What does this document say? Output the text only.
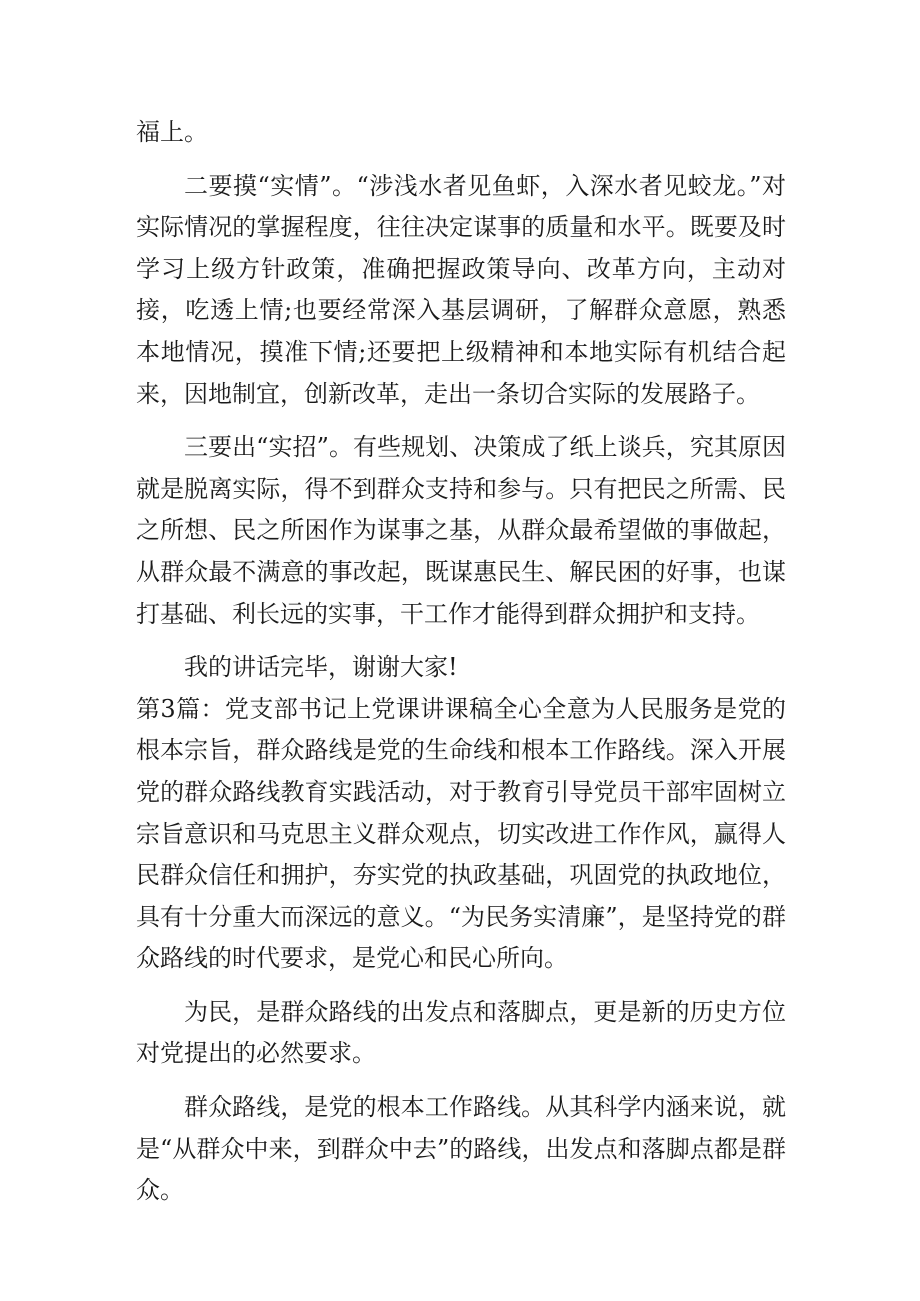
福上。

二要摸“实情”。“涉浅水者见鱼虾，入深水者见蛟龙。”对实际情况的掌握程度，往往决定谋事的质量和水平。既要及时学习上级方针政策，准确把握政策导向、改革方向，主动对接，吃透上情;也要经常深入基层调研，了解群众意愿，熟悉本地情况，摸准下情;还要把上级精神和本地实际有机结合起来，因地制宜，创新改革，走出一条切合实际的发展路子。

三要出“实招”。有些规划、决策成了纸上谈兵，究其原因就是脱离实际，得不到群众支持和参与。只有把民之所需、民之所想、民之所困作为谋事之基，从群众最希望做的事做起，从群众最不满意的事改起，既谋惠民生、解民困的好事，也谋打基础、利长远的实事，干工作才能得到群众拥护和支持。

我的讲话完毕，谢谢大家!

第3篇：党支部书记上党课讲课稿全心全意为人民服务是党的根本宗旨，群众路线是党的生命线和根本工作路线。深入开展党的群众路线教育实践活动，对于教育引导党员干部牢固树立宗旨意识和马克思主义群众观点，切实改进工作作风，赢得人民群众信任和拥护，夯实党的执政基础，巩固党的执政地位，具有十分重大而深远的意义。“为民务实清廉”，是坚持党的群众路线的时代要求，是党心和民心所向。

为民，是群众路线的出发点和落脚点，更是新的历史方位对党提出的必然要求。

群众路线，是党的根本工作路线。从其科学内涵来说，就是“从群众中来，到群众中去”的路线，出发点和落脚点都是群众。
